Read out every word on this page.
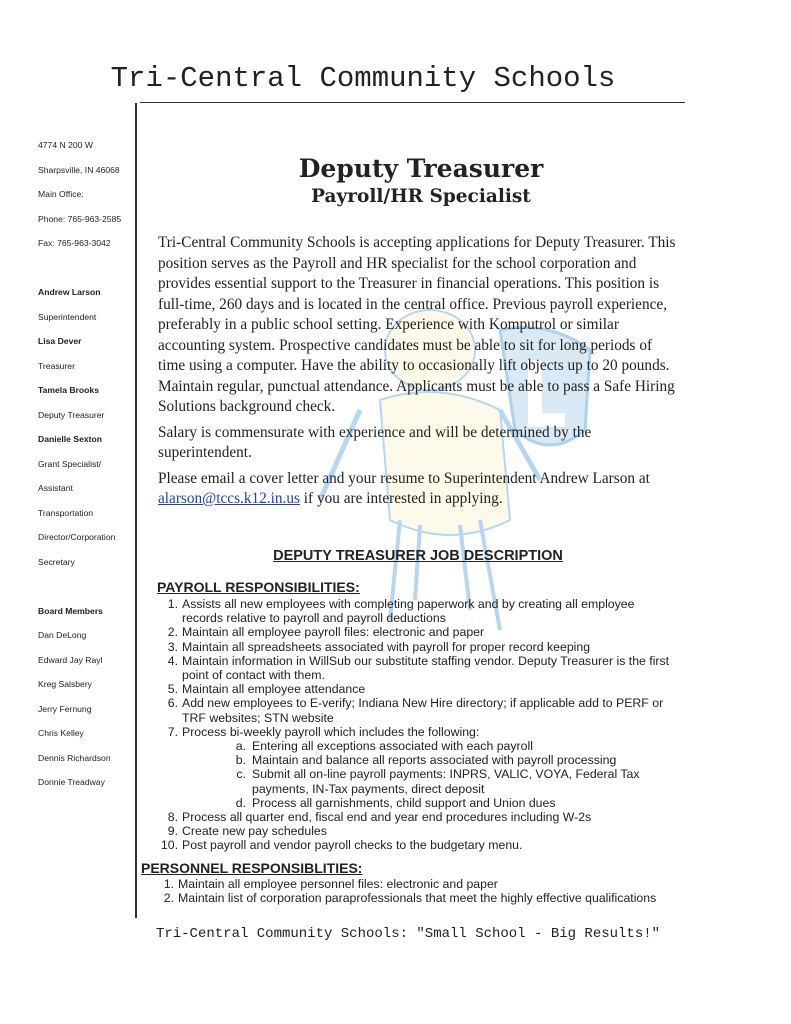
Tri-Central Community Schools
4774 N 200 W
Sharpsville, IN 46068
Main Office:
Phone: 765-963-2585
Fax: 765-963-3042
Andrew Larson
Superintendent
Lisa Dever
Treasurer
Tamela Brooks
Deputy Treasurer
Danielle Sexton
Grant Specialist/
Assistant
Transportation
Director/Corporation
Secretary
Board Members
Dan DeLong
Edward Jay Rayl
Kreg Salsbery
Jerry Fernung
Chris Kelley
Dennis Richardson
Donnie Treadway
Deputy Treasurer
Payroll/HR Specialist

Tri-Central Community Schools is accepting applications for Deputy Treasurer. This position serves as the Payroll and HR specialist for the school corporation and provides essential support to the Treasurer in financial operations. This position is full-time, 260 days and is located in the central office. Previous payroll experience, preferably in a public school setting. Experience with Komputrol or similar accounting system. Prospective candidates must be able to sit for long periods of time using a computer. Have the ability to occasionally lift objects up to 20 pounds. Maintain regular, punctual attendance. Applicants must be able to pass a Safe Hiring Solutions background check.

Salary is commensurate with experience and will be determined by the superintendent.

Please email a cover letter and your resume to Superintendent Andrew Larson at alarson@tccs.k12.in.us if you are interested in applying.

DEPUTY TREASURER JOB DESCRIPTION
PAYROLL RESPONSIBILITIES:
1. Assists all new employees with completing paperwork and by creating all employee records relative to payroll and payroll deductions
2. Maintain all employee payroll files: electronic and paper
3. Maintain all spreadsheets associated with payroll for proper record keeping
4. Maintain information in WillSub our substitute staffing vendor. Deputy Treasurer is the first point of contact with them.
5. Maintain all employee attendance
6. Add new employees to E-verify; Indiana New Hire directory; if applicable add to PERF or TRF websites; STN website
7. Process bi-weekly payroll which includes the following:
a. Entering all exceptions associated with each payroll
b. Maintain and balance all reports associated with payroll processing
c. Submit all on-line payroll payments: INPRS, VALIC, VOYA, Federal Tax payments, IN-Tax payments, direct deposit
d. Process all garnishments, child support and Union dues
8. Process all quarter end, fiscal end and year end procedures including W-2s
9. Create new pay schedules
10. Post payroll and vendor payroll checks to the budgetary menu.
PERSONNEL RESPONSIBLITIES:
1. Maintain all employee personnel files: electronic and paper
2. Maintain list of corporation paraprofessionals that meet the highly effective qualifications
Tri-Central Community Schools: "Small School - Big Results!"
